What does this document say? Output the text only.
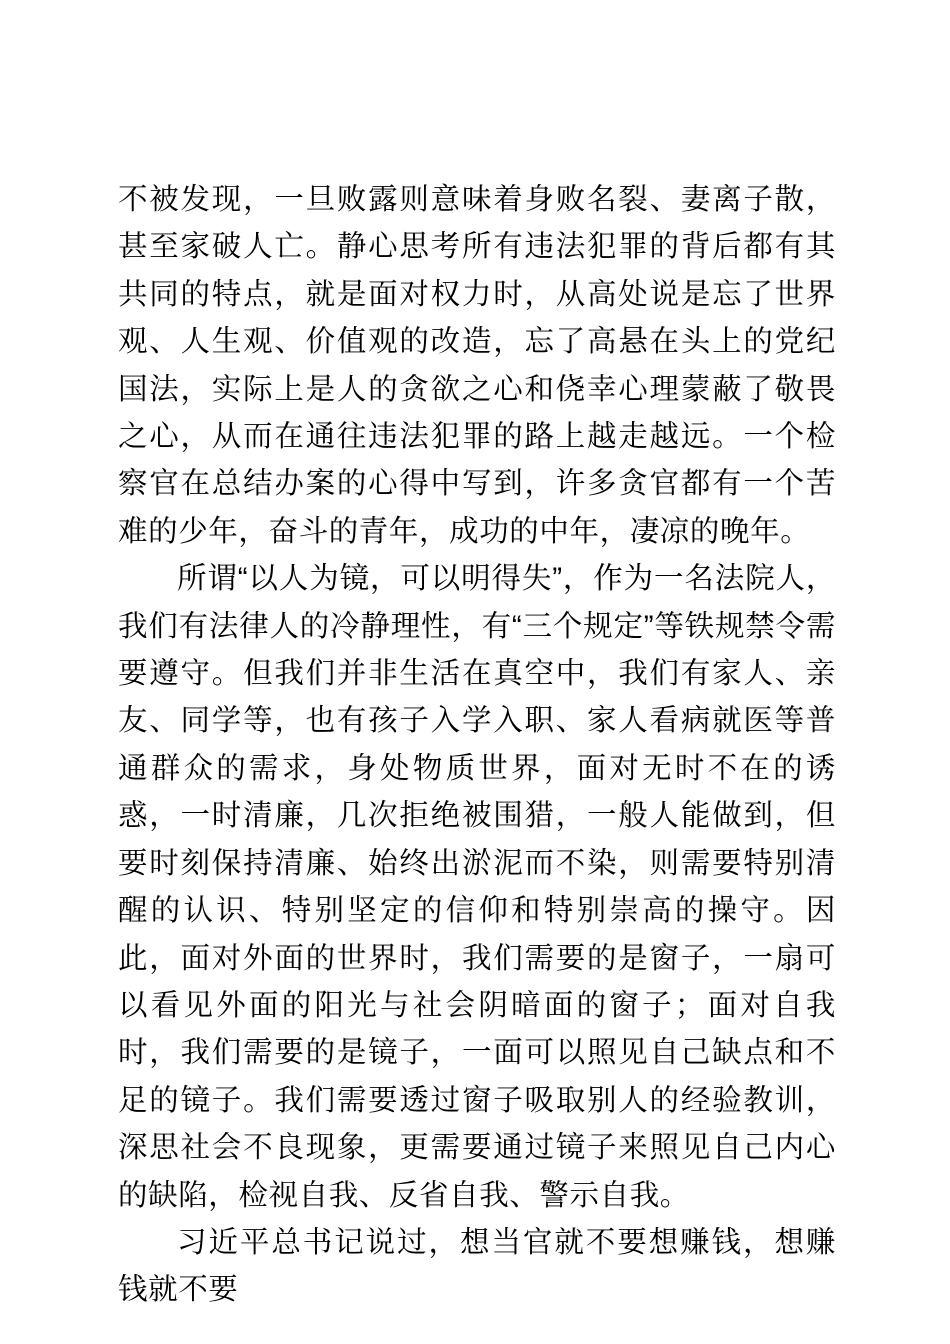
不被发现，一旦败露则意味着身败名裂、妻离子散，甚至家破人亡。静心思考所有违法犯罪的背后都有其共同的特点，就是面对权力时，从高处说是忘了世界观、人生观、价值观的改造，忘了高悬在头上的党纪国法，实际上是人的贪欲之心和侥幸心理蒙蔽了敬畏之心，从而在通往违法犯罪的路上越走越远。一个检察官在总结办案的心得中写到，许多贪官都有一个苦难的少年，奋斗的青年，成功的中年，凄凉的晚年。

所谓“以人为镜，可以明得失”，作为一名法院人，我们有法律人的冷静理性，有“三个规定”等铁规禁令需要遵守。但我们并非生活在真空中，我们有家人、亲友、同学等，也有孩子入学入职、家人看病就医等普通群众的需求，身处物质世界，面对无时不在的诱惑，一时清廉，几次拒绝被围猎，一般人能做到，但要时刻保持清廉、始终出淤泥而不染，则需要特别清醒的认识、特别坚定的信仰和特别崇高的操守。因此，面对外面的世界时，我们需要的是窗子，一扇可以看见外面的阳光与社会阴暗面的窗子；面对自我时，我们需要的是镜子，一面可以照见自己缺点和不足的镜子。我们需要透过窗子吸取别人的经验教训，深思社会不良现象，更需要通过镜子来照见自己内心的缺陷，检视自我、反省自我、警示自我。

习近平总书记说过，想当官就不要想赚钱，想赚钱就不要
